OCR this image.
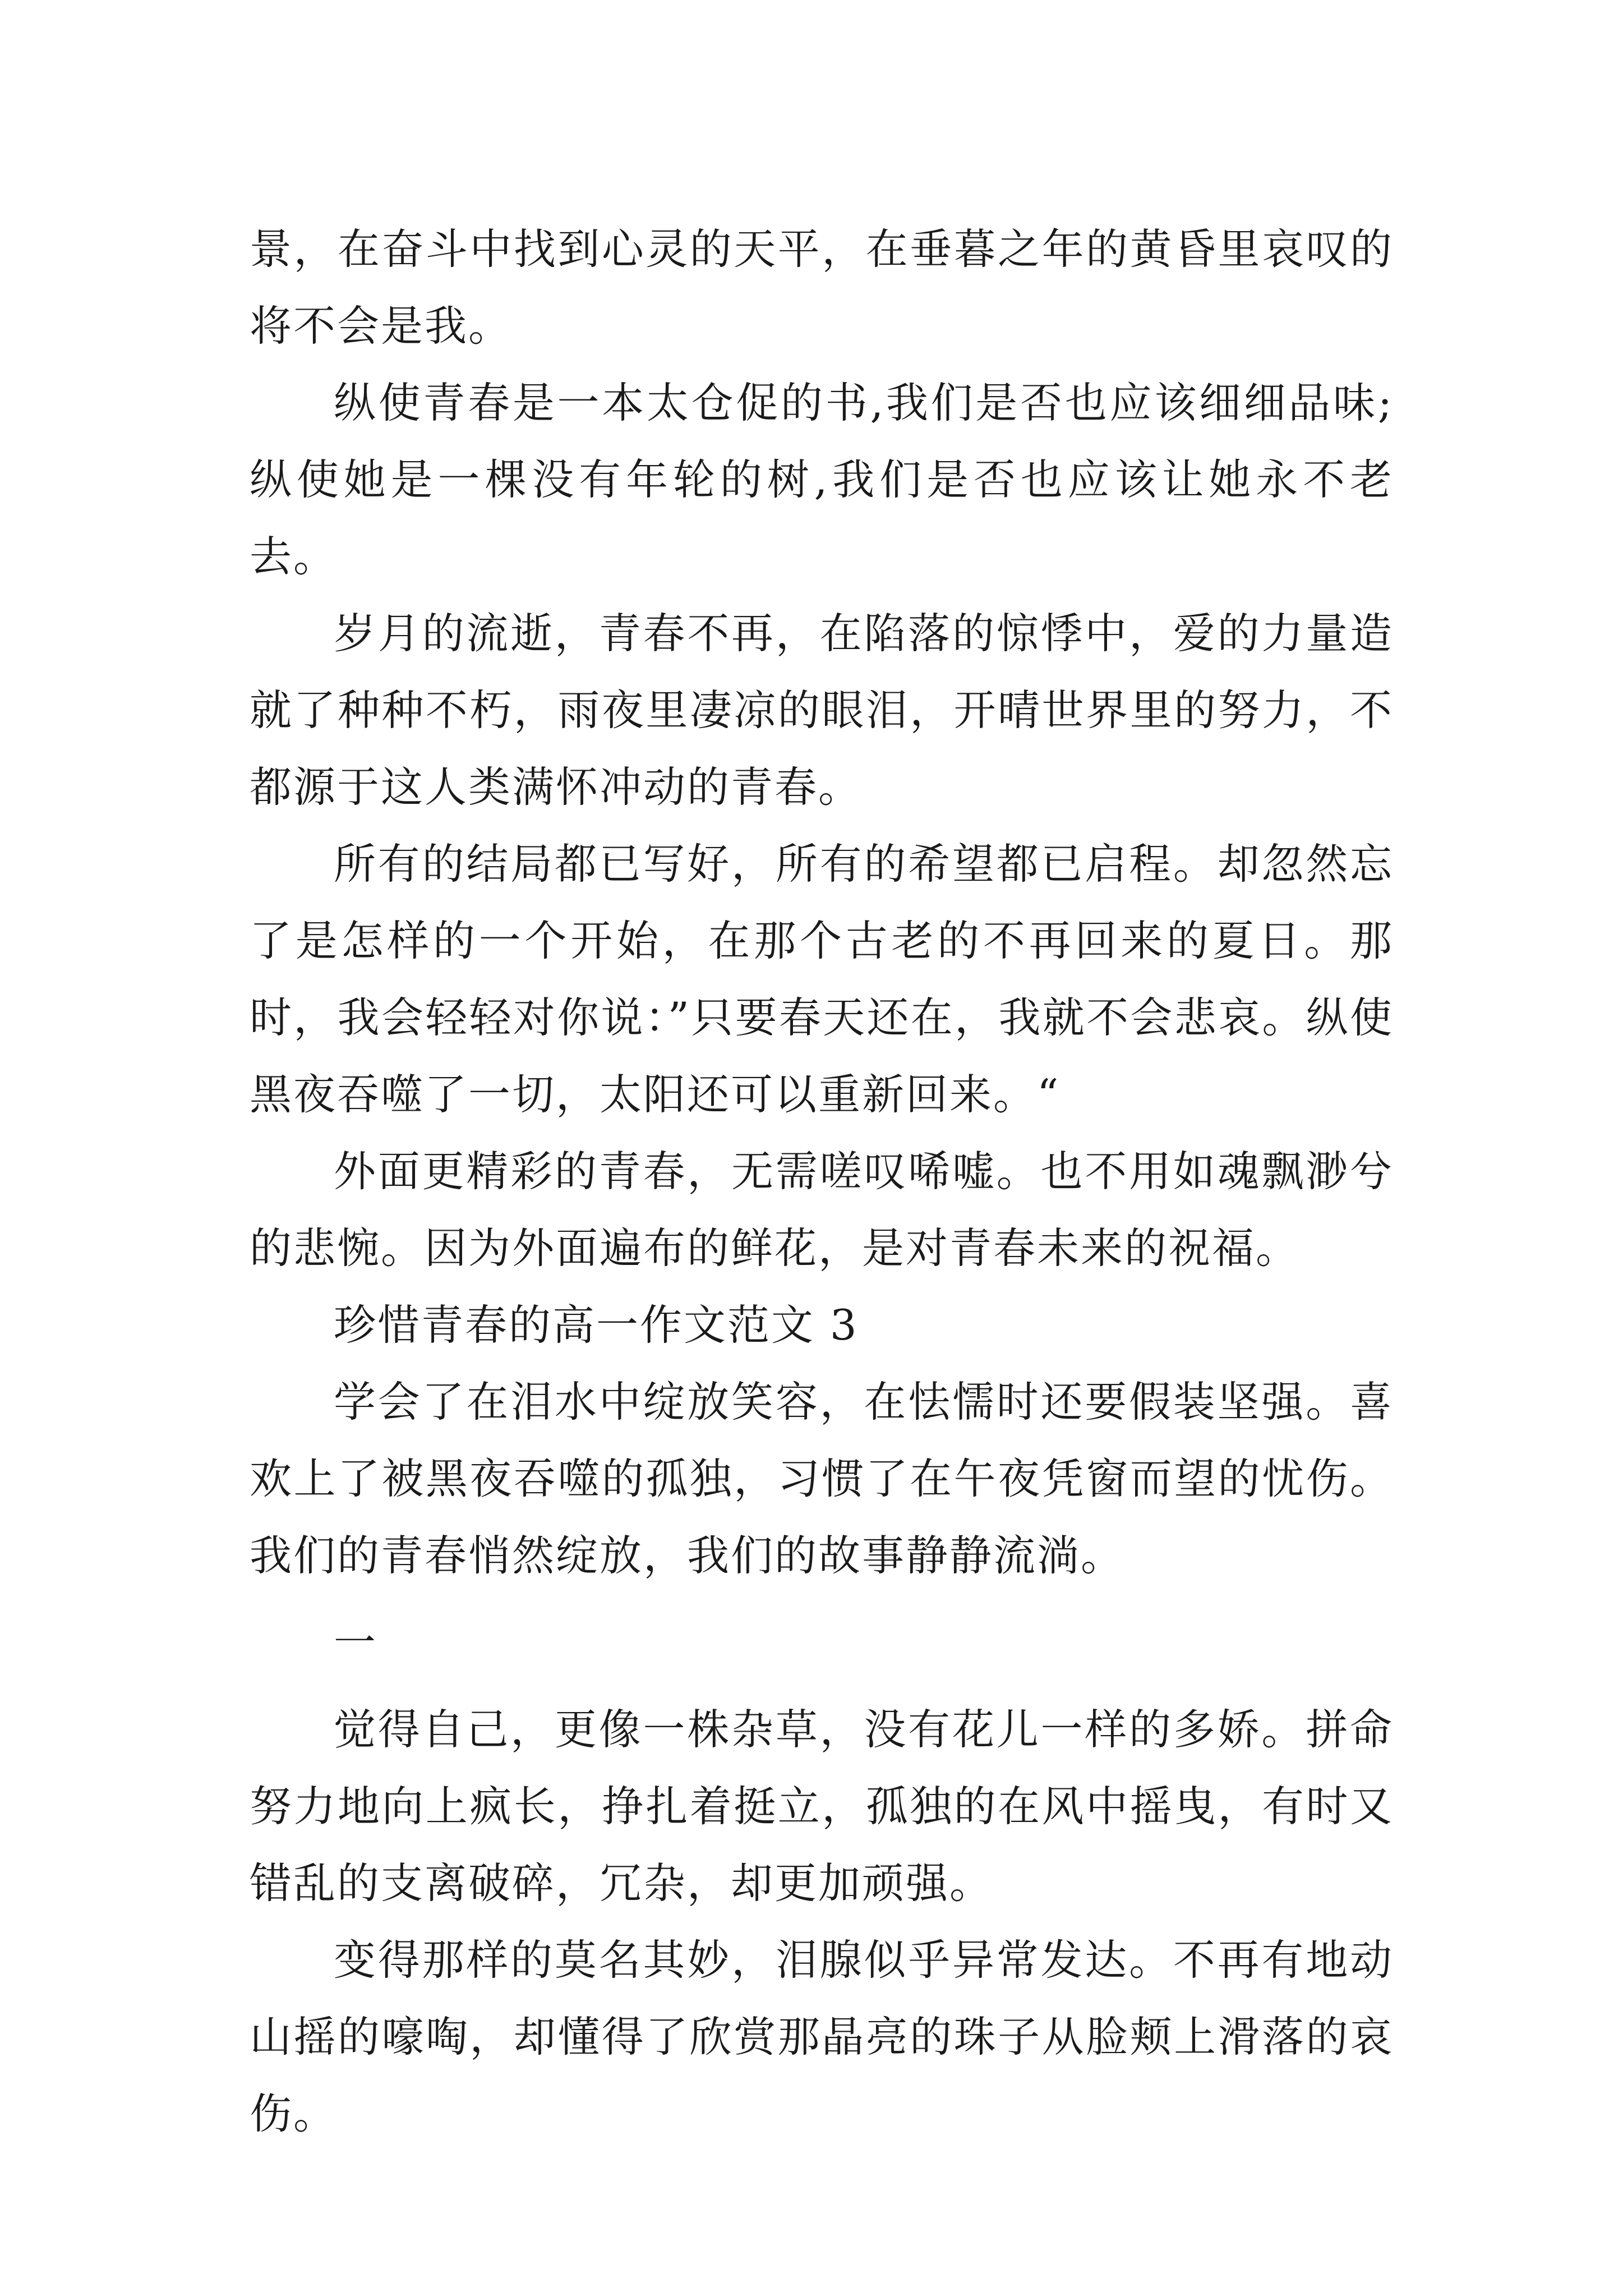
景，在奋斗中找到心灵的天平，在垂暮之年的黄昏里哀叹的将不会是我。

纵使青春是一本太仓促的书,我们是否也应该细细品味;纵使她是一棵没有年轮的树,我们是否也应该让她永不老去。

岁月的流逝，青春不再，在陷落的惊悸中，爱的力量造就了种种不朽，雨夜里凄凉的眼泪，开晴世界里的努力，不都源于这人类满怀冲动的青春。

所有的结局都已写好，所有的希望都已启程。却忽然忘了是怎样的一个开始，在那个古老的不再回来的夏日。那时，我会轻轻对你说：”只要春天还在，我就不会悲哀。纵使黑夜吞噬了一切，太阳还可以重新回来。“

外面更精彩的青春，无需嗟叹唏嘘。也不用如魂飘渺兮的悲惋。因为外面遍布的鲜花，是对青春未来的祝福。

珍惜青春的高一作文范文 3

学会了在泪水中绽放笑容，在怯懦时还要假装坚强。喜欢上了被黑夜吞噬的孤独，习惯了在午夜凭窗而望的忧伤。我们的青春悄然绽放，我们的故事静静流淌。

一

觉得自己，更像一株杂草，没有花儿一样的多娇。拼命努力地向上疯长，挣扎着挺立，孤独的在风中摇曳，有时又错乱的支离破碎，冗杂，却更加顽强。

变得那样的莫名其妙，泪腺似乎异常发达。不再有地动山摇的嚎啕，却懂得了欣赏那晶亮的珠子从脸颊上滑落的哀伤。
